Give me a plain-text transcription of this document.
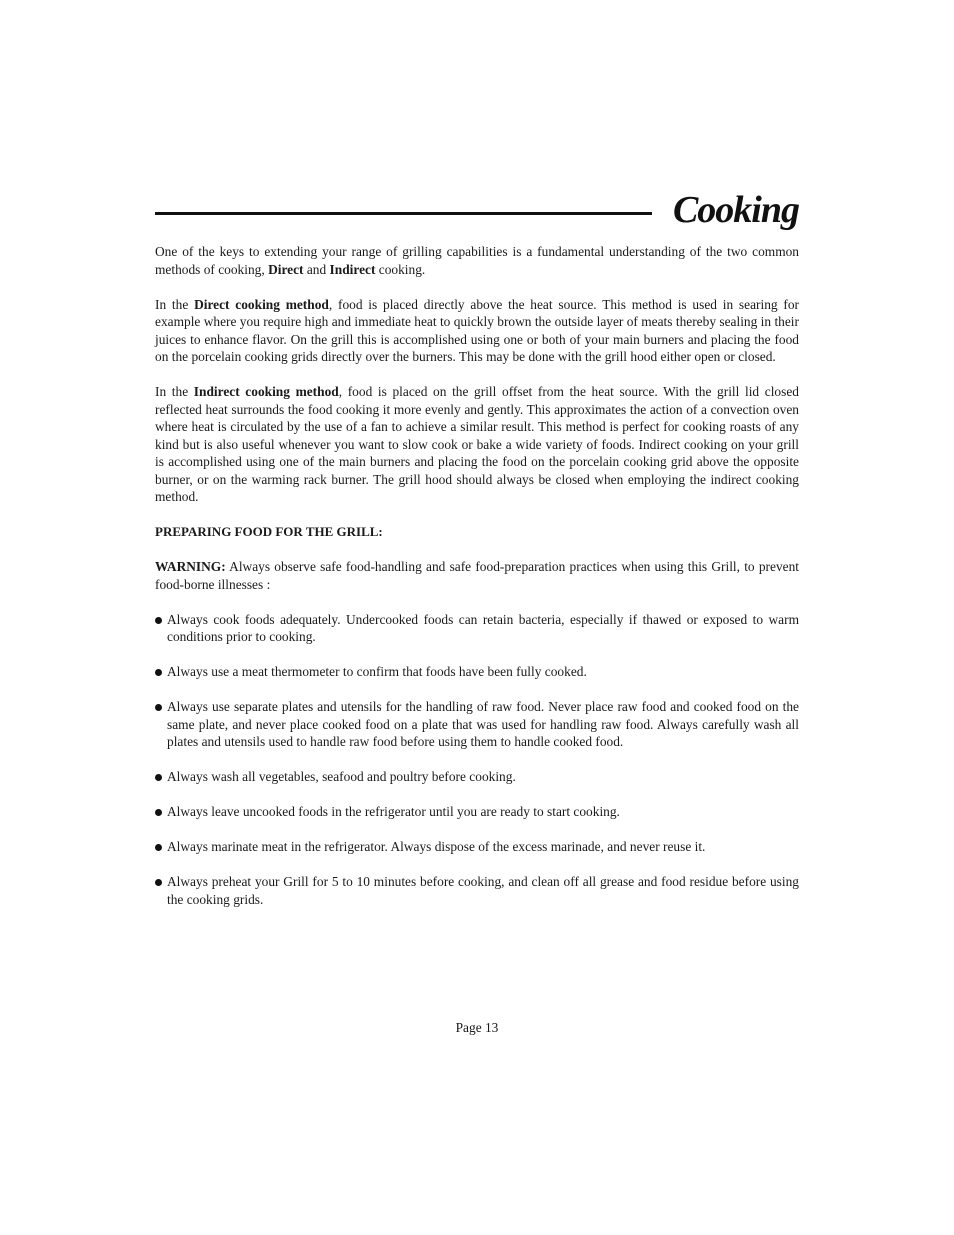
Cooking

One of the keys to extending your range of grilling capabilities is a fundamental understanding of the two common methods of cooking, Direct and Indirect cooking.

In the Direct cooking method, food is placed directly above the heat source. This method is used in searing for example where you require high and immediate heat to quickly brown the outside layer of meats thereby sealing in their juices to enhance flavor. On the grill this is accomplished using one or both of your main burners and placing the food on the porcelain cooking grids directly over the burners. This may be done with the grill hood either open or closed.

In the Indirect cooking method, food is placed on the grill offset from the heat source. With the grill lid closed reflected heat surrounds the food cooking it more evenly and gently. This approximates the action of a convection oven where heat is circulated by the use of a fan to achieve a similar result. This method is perfect for cooking roasts of any kind but is also useful whenever you want to slow cook or bake a wide variety of foods. Indirect cooking on your grill is accomplished using one of the main burners and placing the food on the porcelain cooking grid above the opposite burner, or on the warming rack burner. The grill hood should always be closed when employing the indirect cooking method.

PREPARING FOOD FOR THE GRILL:

WARNING: Always observe safe food-handling and safe food-preparation practices when using this Grill, to prevent food-borne illnesses :

Always cook foods adequately. Undercooked foods can retain bacteria, especially if thawed or exposed to warm conditions prior to cooking.
Always use a meat thermometer to confirm that foods have been fully cooked.
Always use separate plates and utensils for the handling of raw food. Never place raw food and cooked food on the same plate, and never place cooked food on a plate that was used for handling raw food. Always carefully wash all plates and utensils used to handle raw food before using them to handle cooked food.
Always wash all vegetables, seafood and poultry before cooking.
Always leave uncooked foods in the refrigerator until you are ready to start cooking.
Always marinate meat in the refrigerator. Always dispose of the excess marinade, and never reuse it.
Always preheat your Grill for 5 to 10 minutes before cooking, and clean off all grease and food residue before using the cooking grids.
Page 13
